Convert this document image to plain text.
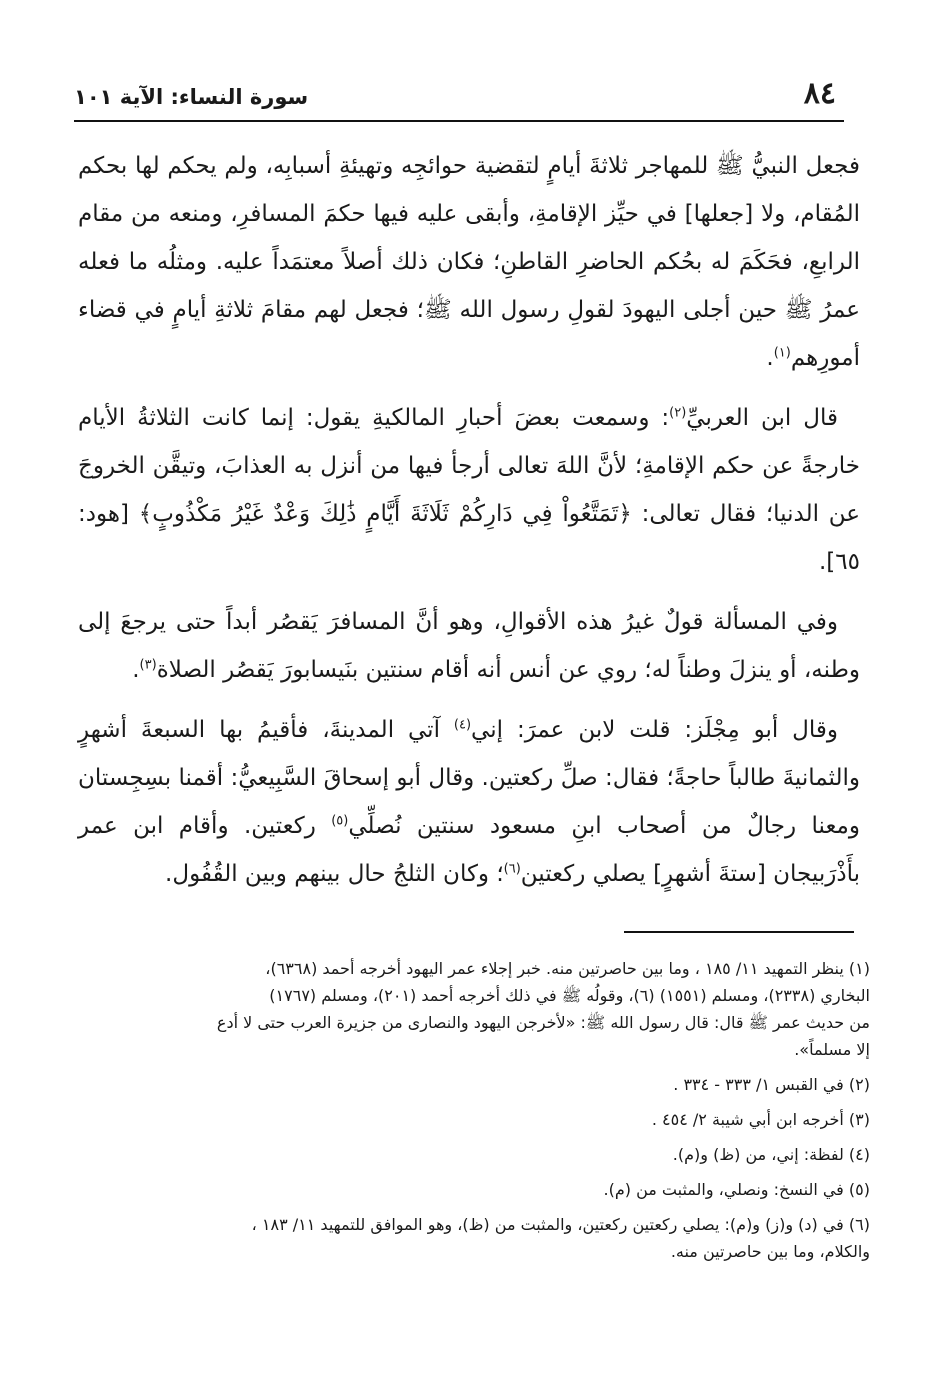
٨٤
سورة النساء: الآية ١٠١

فجعل النبيُّ ﷺ للمهاجر ثلاثةَ أيامٍ لتقضية حوائجِه وتهيئةِ أسبابِه، ولم يحكم لها بحكم المُقام، ولا [جعلها] في حيِّز الإقامةِ، وأبقى عليه فيها حكمَ المسافرِ، ومنعه من مقام الرابعِ، فحَكَمَ له بحُكم الحاضرِ القاطنِ؛ فكان ذلك أصلاً معتمَداً عليه. ومثلُه ما فعله عمرُ ﷺ حين أجلى اليهودَ لقولِ رسول الله ﷺ؛ فجعل لهم مقامَ ثلاثةِ أيامٍ في قضاء أمورِهم$^{(١)}$.

قال ابن العربيِّ$^{(٢)}$: وسمعت بعضَ أحبارِ المالكيةِ يقول: إنما كانت الثلاثةُ الأيام خارجةً عن حكم الإقامةِ؛ لأنَّ اللهَ تعالى أرجأ فيها من أنزل به العذابَ، وتيقَّن الخروجَ عن الدنيا؛ فقال تعالى: ﴿تَمَتَّعُواْ فِي دَارِكُمْ ثَلَاثَةَ أَيَّامٍ ذَٰلِكَ وَعْدٌ غَيْرُ مَكْذُوبٍ﴾ [هود: ٦٥].

وفي المسألة قولٌ غيرُ هذه الأقوالِ، وهو أنَّ المسافرَ يَقصُر أبداً حتى يرجعَ إلى وطنه، أو ينزلَ وطناً له؛ روي عن أنس أنه أقام سنتين بنَيسابورَ يَقصُر الصلاة$^{(٣)}$.

وقال أبو مِجْلَز: قلت لابن عمرَ: إني$^{(٤)}$ آتي المدينةَ، فأقيمُ بها السبعةَ أشهرٍ والثمانيةَ طالباً حاجةً؛ فقال: صلِّ ركعتين. وقال أبو إسحاقَ السَّبِيعيُّ: أقمنا بسِجِستان ومعنا رجالٌ من أصحاب ابنِ مسعود سنتين نُصلِّي$^{(٥)}$ ركعتين. وأقام ابن عمر بأَذْرَبيجان [ستةَ أشهرٍ] يصلي ركعتين$^{(٦)}$؛ وكان الثلجُ حال بينهم وبين القُفُول.

(١) ينظر التمهيد ١١/ ١٨٥ ، وما بين حاصرتين منه. خبر إجلاء عمر اليهود أخرجه أحمد (٦٣٦٨)،
البخاري (٢٣٣٨)، ومسلم (١٥٥١) (٦)، وقولُه ﷺ في ذلك أخرجه أحمد (٢٠١)، ومسلم (١٧٦٧)
من حديث عمر ﷺ قال: قال رسول الله ﷺ: «لأخرجن اليهود والنصارى من جزيرة العرب حتى لا أدع
إلا مسلماً».
(٢) في القبس ١/ ٣٣٣ - ٣٣٤ .
(٣) أخرجه ابن أبي شيبة ٢/ ٤٥٤ .
(٤) لفظة: إني، من (ظ) و(م).
(٥) في النسخ: ونصلي، والمثبت من (م).
(٦) في (د) و(ز) و(م): يصلي ركعتين ركعتين، والمثبت من (ظ)، وهو الموافق للتمهيد ١١/ ١٨٣ ،
والكلام، وما بين حاصرتين منه.
